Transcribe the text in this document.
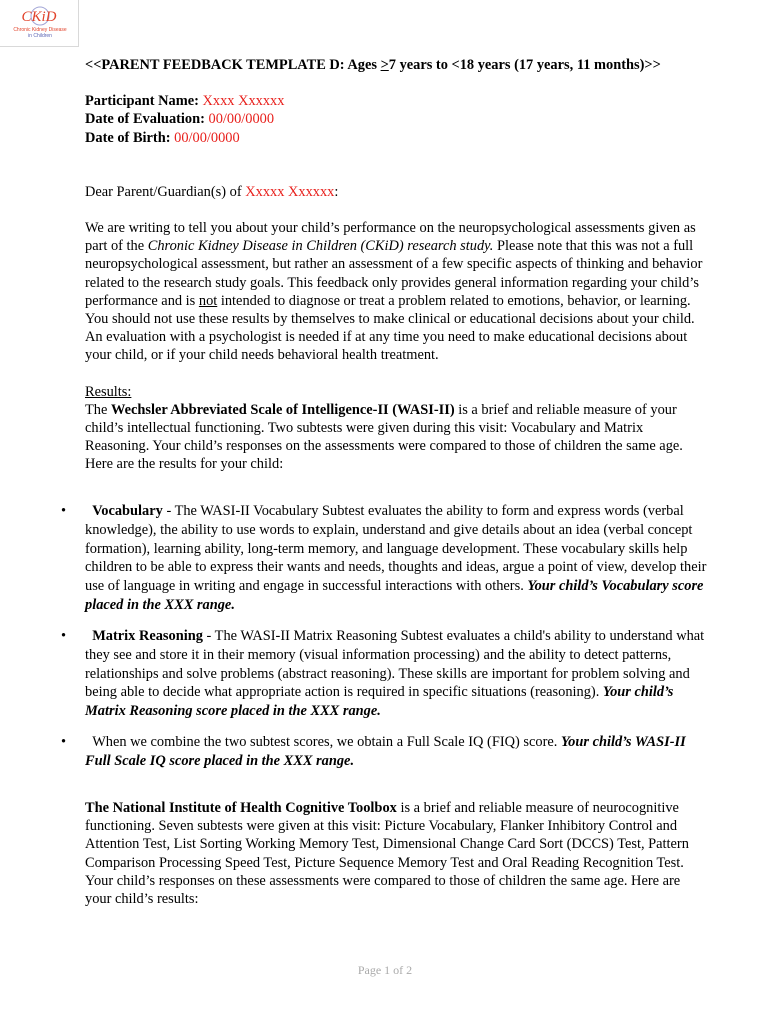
CKiD
Chronic Kidney Disease
in Children

<<PARENT FEEDBACK TEMPLATE D: Ages >7 years to <18 years (17 years, 11 months)>>

Participant Name: Xxxx Xxxxxx

Date of Evaluation: 00/00/0000

Date of Birth: 00/00/0000

Dear Parent/Guardian(s) of Xxxxx Xxxxxx:

We are writing to tell you about your child’s performance on the neuropsychological assessments given as part of the Chronic Kidney Disease in Children (CKiD) research study. Please note that this was not a full neuropsychological assessment, but rather an assessment of a few specific aspects of thinking and behavior related to the research study goals. This feedback only provides general information regarding your child’s performance and is not intended to diagnose or treat a problem related to emotions, behavior, or learning. You should not use these results by themselves to make clinical or educational decisions about your child. An evaluation with a psychologist is needed if at any time you need to make educational decisions about your child, or if your child needs behavioral health treatment.

Results:

The Wechsler Abbreviated Scale of Intelligence-II (WASI-II) is a brief and reliable measure of your child’s intellectual functioning. Two subtests were given during this visit: Vocabulary and Matrix Reasoning. Your child’s responses on the assessments were compared to those of children the same age. Here are the results for your child:

• Vocabulary - The WASI-II Vocabulary Subtest evaluates the ability to form and express words (verbal knowledge), the ability to use words to explain, understand and give details about an idea (verbal concept formation), learning ability, long-term memory, and language development. These vocabulary skills help children to be able to express their wants and needs, thoughts and ideas, argue a point of view, develop their use of language in writing and engage in successful interactions with others. Your child’s Vocabulary score placed in the XXX range.
• Matrix Reasoning - The WASI-II Matrix Reasoning Subtest evaluates a child's ability to understand what they see and store it in their memory (visual information processing) and the ability to detect patterns, relationships and solve problems (abstract reasoning). These skills are important for problem solving and being able to decide what appropriate action is required in specific situations (reasoning). Your child’s Matrix Reasoning score placed in the XXX range.
• When we combine the two subtest scores, we obtain a Full Scale IQ (FIQ) score. Your child’s WASI-II Full Scale IQ score placed in the XXX range.

The National Institute of Health Cognitive Toolbox is a brief and reliable measure of neurocognitive functioning. Seven subtests were given at this visit: Picture Vocabulary, Flanker Inhibitory Control and Attention Test, List Sorting Working Memory Test, Dimensional Change Card Sort (DCCS) Test, Pattern Comparison Processing Speed Test, Picture Sequence Memory Test and Oral Reading Recognition Test. Your child’s responses on these assessments were compared to those of children the same age. Here are your child’s results:

Page 1 of 2
